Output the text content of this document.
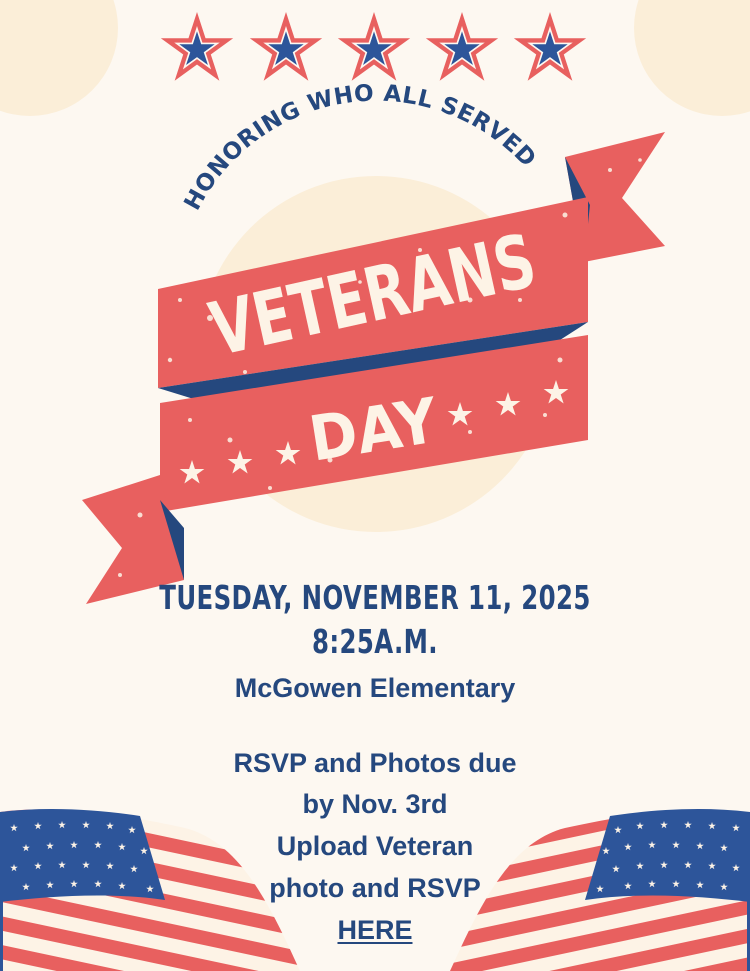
HONORING WHO ALL SERVED
VETERANS
DAY
TUESDAY, NOVEMBER 11, 2025
8:25A.M.
McGowen Elementary
RSVP and Photos due
by Nov. 3rd
Upload Veteran
photo and RSVP
HERE
